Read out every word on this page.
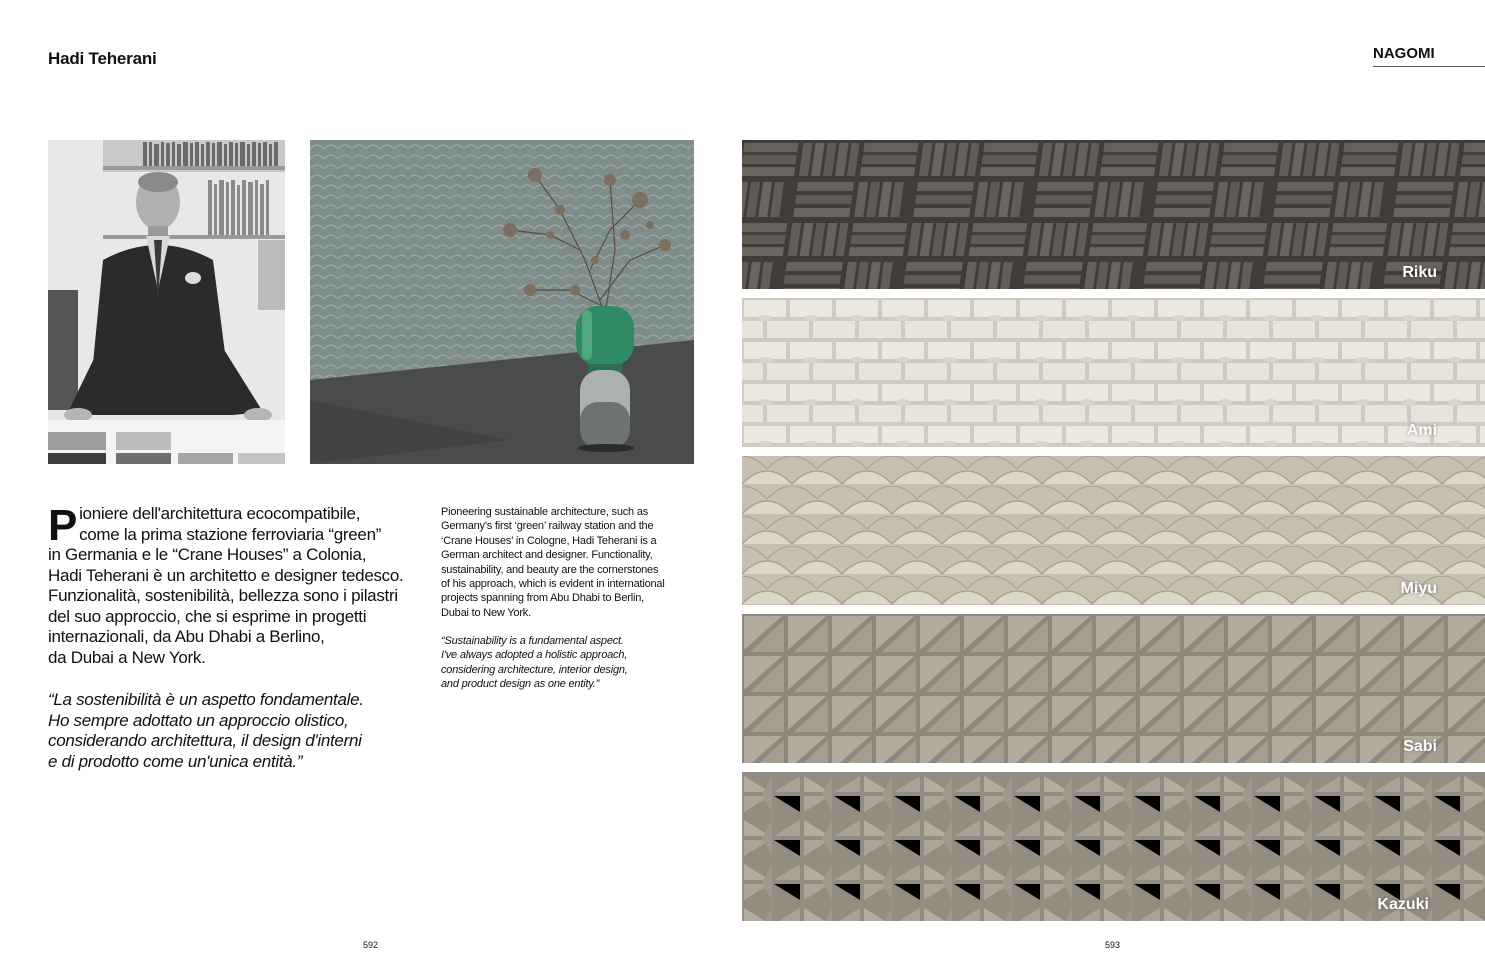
Hadi Teherani	NAGOMI

Pioniere dell'architettura ecocompatibile,
come la prima stazione ferroviaria “green”
in Germania e le “Crane Houses” a Colonia,
Hadi Teherani è un architetto e designer tedesco.
Funzionalità, sostenibilità, bellezza sono i pilastri
del suo approccio, che si esprime in progetti
internazionali, da Abu Dhabi a Berlino,
da Dubai a New York.

“La sostenibilità è un aspetto fondamentale.
Ho sempre adottato un approccio olistico,
considerando architettura, il design d'interni
e di prodotto come un'unica entità.”

Pioneering sustainable architecture, such as
Germany's first ‘green’ railway station and the
‘Crane Houses’ in Cologne, Hadi Teherani is a
German architect and designer. Functionality,
sustainability, and beauty are the cornerstones
of his approach, which is evident in international
projects spanning from Abu Dhabi to Berlin,
Dubai to New York.

“Sustainability is a fundamental aspect.
I've always adopted a holistic approach,
considering architecture, interior design,
and product design as one entity.”

Riku
Ami
Miyu
Sabi
Kazuki
592	593
